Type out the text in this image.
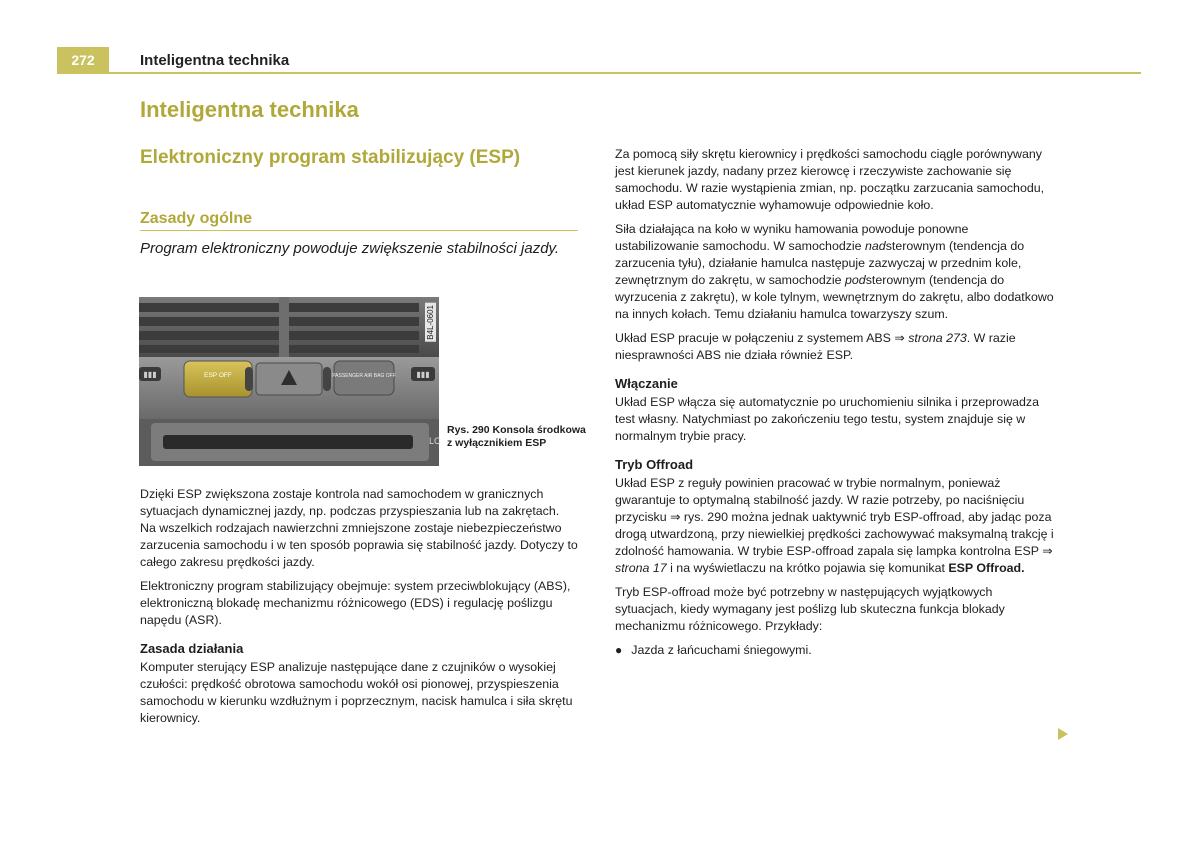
272	Inteligentna technika
Inteligentna technika
Elektroniczny program stabilizujący (ESP)
Zasady ogólne
Program elektroniczny powoduje zwiększenie stabilności jazdy.
▮▮▮	ESP OFF	PASSENGER AIR BAG OFF	▮▮▮
LC
B4L-0601
Rys. 290 Konsola środkowa z wyłącznikiem ESP

Dzięki ESP zwiększona zostaje kontrola nad samochodem w granicznych sytuacjach dynamicznej jazdy, np. podczas przyspieszania lub na zakrętach. Na wszelkich rodzajach nawierzchni zmniejszone zostaje niebezpieczeństwo zarzucenia samochodu i w ten sposób poprawia się stabilność jazdy. Dotyczy to całego zakresu prędkości jazdy.

Elektroniczny program stabilizujący obejmuje: system przeciwblokujący (ABS), elektroniczną blokadę mechanizmu różnicowego (EDS) i regulację poślizgu napędu (ASR).

Zasada działania

Komputer sterujący ESP analizuje następujące dane z czujników o wysokiej czułości: prędkość obrotowa samochodu wokół osi pionowej, przyspieszenia samochodu w kierunku wzdłużnym i poprzecznym, nacisk hamulca i siła skrętu kierownicy.

Za pomocą siły skrętu kierownicy i prędkości samochodu ciągle porównywany jest kierunek jazdy, nadany przez kierowcę i rzeczywiste zachowanie się samochodu. W razie wystąpienia zmian, np. początku zarzucania samochodu, układ ESP automatycznie wyhamowuje odpowiednie koło.

Siła działająca na koło w wyniku hamowania powoduje ponowne ustabilizowanie samochodu. W samochodzie nadsterownym (tendencja do zarzucenia tyłu), działanie hamulca następuje zazwyczaj w przednim kole, zewnętrznym do zakrętu, w samochodzie podsterownym (tendencja do wyrzucenia z zakrętu), w kole tylnym, wewnętrznym do zakrętu, albo dodatkowo na innych kołach. Temu działaniu hamulca towarzyszy szum.

Układ ESP pracuje w połączeniu z systemem ABS ⇒ strona 273. W razie niesprawności ABS nie działa również ESP.

Włączanie

Układ ESP włącza się automatycznie po uruchomieniu silnika i przeprowadza test własny. Natychmiast po zakończeniu tego testu, system znajduje się w normalnym trybie pracy.

Tryb Offroad

Układ ESP z reguły powinien pracować w trybie normalnym, ponieważ gwarantuje to optymalną stabilność jazdy. W razie potrzeby, po naciśnięciu przycisku ⇒ rys. 290 można jednak uaktywnić tryb ESP-offroad, aby jadąc poza drogą utwardzoną, przy niewielkiej prędkości zachowywać maksymalną trakcję i zdolność hamowania. W trybie ESP-offroad zapala się lampka kontrolna ESP ⇒ strona 17 i na wyświetlaczu na krótko pojawia się komunikat ESP Offroad.

Tryb ESP-offroad może być potrzebny w następujących wyjątkowych sytuacjach, kiedy wymagany jest poślizg lub skuteczna funkcja blokady mechanizmu różnicowego. Przykłady:

● Jazda z łańcuchami śniegowymi.
